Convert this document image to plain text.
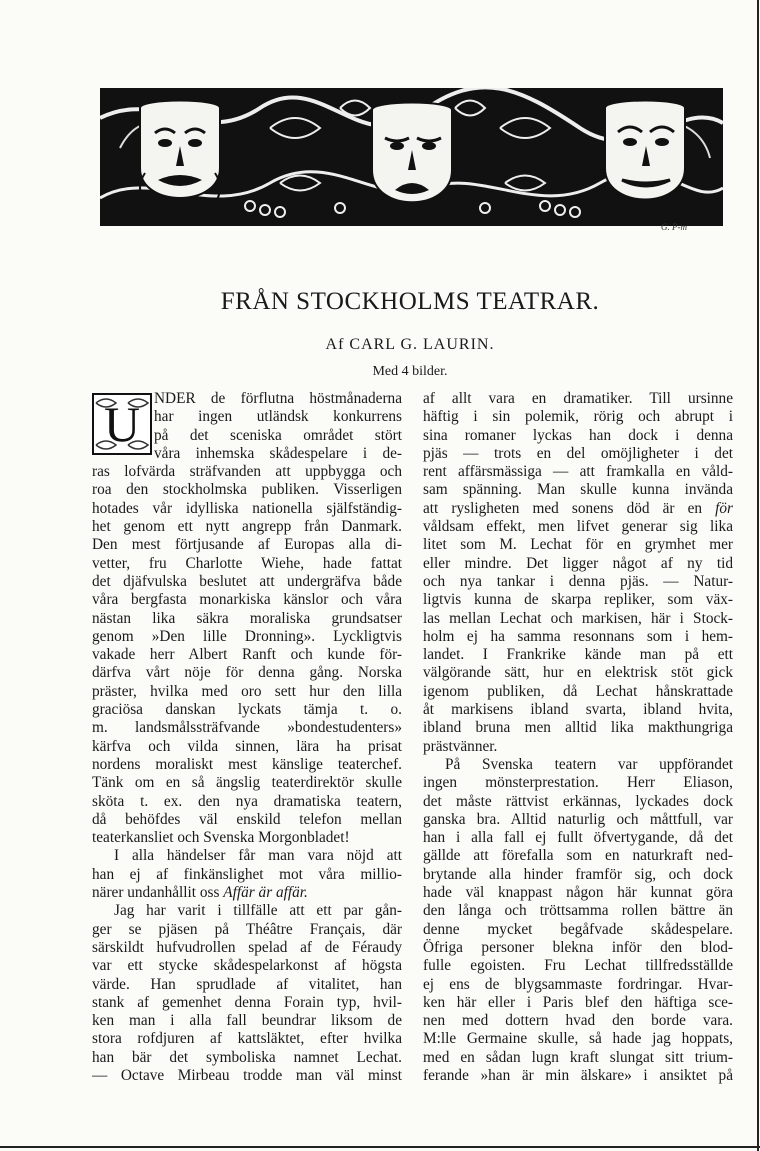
G. P-m
FRÅN STOCKHOLMS TEATRAR.
Af CARL G. LAURIN.
Med 4 bilder.
U NDER de förflutna höstmånaderna
har ingen utländsk konkurrens
på det sceniska området stört
våra inhemska skådespelare i de-
ras lofvärda sträfvanden att uppbygga och
roa den stockholmska publiken. Visserligen
hotades vår idylliska nationella själfständig-
het genom ett nytt angrepp från Danmark.
Den mest förtjusande af Europas alla di-
vetter, fru Charlotte Wiehe, hade fattat
det djäfvulska beslutet att undergräfva både
våra bergfasta monarkiska känslor och våra
nästan lika säkra moraliska grundsatser
genom »Den lille Dronning». Lyckligtvis
vakade herr Albert Ranft och kunde för-
därfva vårt nöje för denna gång. Norska
präster, hvilka med oro sett hur den lilla
graciösa danskan lyckats tämja t. o.
m. landsmålssträfvande »bondestudenters»
kärfva och vilda sinnen, lära ha prisat
nordens moraliskt mest känslige teaterchef.
Tänk om en så ängslig teaterdirektör skulle
sköta t. ex. den nya dramatiska teatern,
då behöfdes väl enskild telefon mellan
teaterkansliet och Svenska Morgonbladet!
I alla händelser får man vara nöjd att
han ej af finkänslighet mot våra millio-
närer undanhållit oss Affär är affär.
Jag har varit i tillfälle att ett par gån-
ger se pjäsen på Théâtre Français, där
särskildt hufvudrollen spelad af de Féraudy
var ett stycke skådespelarkonst af högsta
värde. Han sprudlade af vitalitet, han
stank af gemenhet denna Forain typ, hvil-
ken man i alla fall beundrar liksom de
stora rofdjuren af kattsläktet, efter hvilka
han bär det symboliska namnet Lechat.
— Octave Mirbeau trodde man väl minst
af allt vara en dramatiker. Till ursinne
häftig i sin polemik, rörig och abrupt i
sina romaner lyckas han dock i denna
pjäs — trots en del omöjligheter i det
rent affärsmässiga — att framkalla en våld-
sam spänning. Man skulle kunna invända
att rysligheten med sonens död är en för
våldsam effekt, men lifvet generar sig lika
litet som M. Lechat för en grymhet mer
eller mindre. Det ligger något af ny tid
och nya tankar i denna pjäs. — Natur-
ligtvis kunna de skarpa repliker, som väx-
las mellan Lechat och markisen, här i Stock-
holm ej ha samma resonnans som i hem-
landet. I Frankrike kände man på ett
välgörande sätt, hur en elektrisk stöt gick
igenom publiken, då Lechat hånskrattade
åt markisens ibland svarta, ibland hvita,
ibland bruna men alltid lika makthungriga
prästvänner.
På Svenska teatern var uppförandet
ingen mönsterprestation. Herr Eliason,
det måste rättvist erkännas, lyckades dock
ganska bra. Alltid naturlig och måttfull, var
han i alla fall ej fullt öfvertygande, då det
gällde att förefalla som en naturkraft ned-
brytande alla hinder framför sig, och dock
hade väl knappast någon här kunnat göra
den långa och tröttsamma rollen bättre än
denne mycket begåfvade skådespelare.
Öfriga personer blekna inför den blod-
fulle egoisten. Fru Lechat tillfredsställde
ej ens de blygsammaste fordringar. Hvar-
ken här eller i Paris blef den häftiga sce-
nen med dottern hvad den borde vara.
M:lle Germaine skulle, så hade jag hoppats,
med en sådan lugn kraft slungat sitt trium-
ferande »han är min älskare» i ansiktet på
